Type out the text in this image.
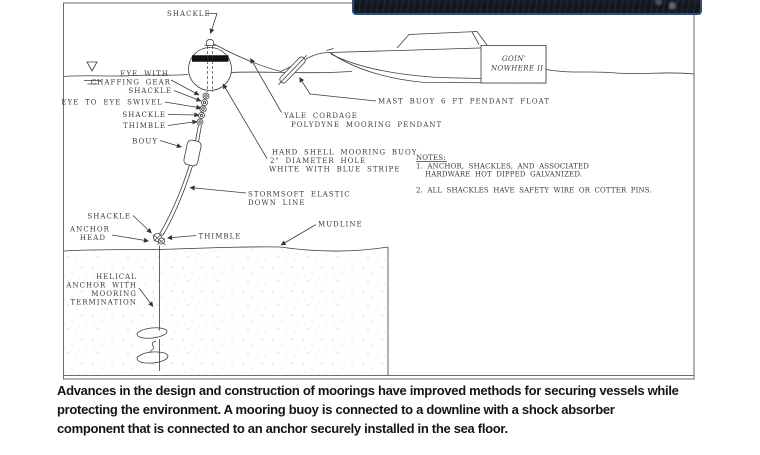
SHACKLE
EYE WITH
CHAFFING GEAR
SHACKLE
EYE TO EYE SWIVEL
SHACKLE
THIMBLE
BOUY
YALE CORDAGE
POLYDYNE MOORING PENDANT
MAST BUOY 6 FT PENDANT FLOAT
HARD SHELL MOORING BUOY
2" DIAMETER HOLE
WHITE WITH BLUE STRIPE
STORMSOFT ELASTIC
DOWN LINE
SHACKLE
ANCHOR
HEAD	THIMBLE
MUDLINE
HELICAL
ANCHOR WITH
MOORING
TERMINATION
GOIN'
NOWHERE II
NOTES:
1. ANCHOR, SHACKLES, AND ASSOCIATED
HARDWARE HOT DIPPED GALVANIZED.
2. ALL SHACKLES HAVE SAFETY WIRE OR COTTER PINS.
Advances in the design and construction of moorings have improved methods for securing vessels while
protecting the environment. A mooring buoy is connected to a downline with a shock absorber
component that is connected to an anchor securely installed in the sea floor.
